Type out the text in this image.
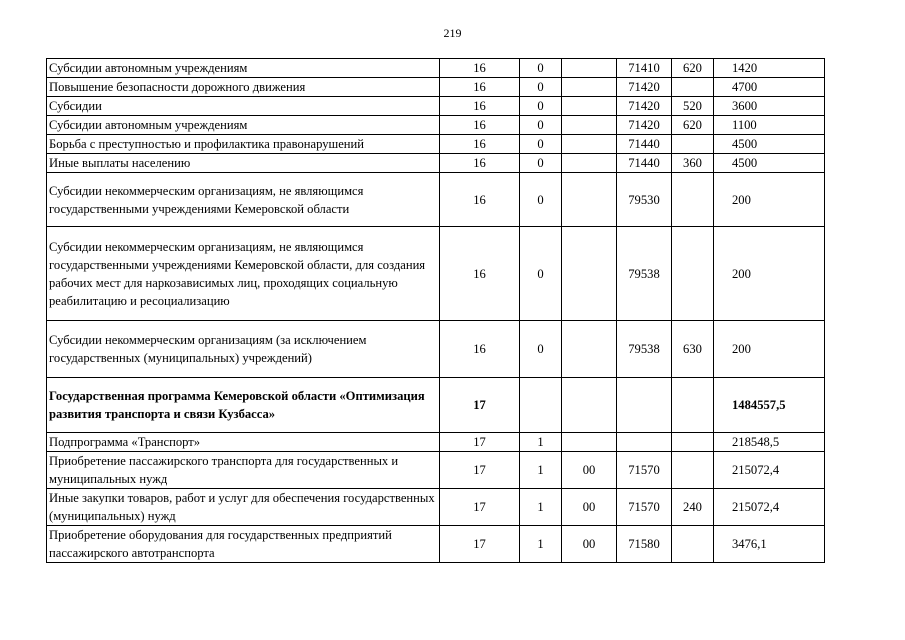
219
Субсидии автономным учреждениям	16	0		71410	620	1420
Повышение безопасности дорожного движения	16	0		71420		4700
Субсидии	16	0		71420	520	3600
Субсидии автономным учреждениям	16	0		71420	620	1100
Борьба с преступностью и профилактика правонарушений	16	0		71440		4500
Иные выплаты населению	16	0		71440	360	4500
Субсидии некоммерческим организациям, не являющимся государственными учреждениями Кемеровской области	16	0		79530		200
Субсидии некоммерческим организациям, не являющимся государственными учреждениями Кемеровской области, для создания рабочих мест для наркозависимых лиц, проходящих социальную реабилитацию и ресоциализацию	16	0		79538		200
Субсидии некоммерческим организациям (за исключением государственных (муниципальных) учреждений)	16	0		79538	630	200
Государственная программа Кемеровской области «Оптимизация развития транспорта и связи Кузбасса»	17					1484557,5
Подпрограмма «Транспорт»	17	1				218548,5
Приобретение пассажирского транспорта для государственных и муниципальных нужд	17	1	00	71570		215072,4
Иные закупки товаров, работ и услуг для обеспечения государственных (муниципальных) нужд	17	1	00	71570	240	215072,4
Приобретение оборудования для государственных предприятий пассажирского автотранспорта	17	1	00	71580		3476,1
